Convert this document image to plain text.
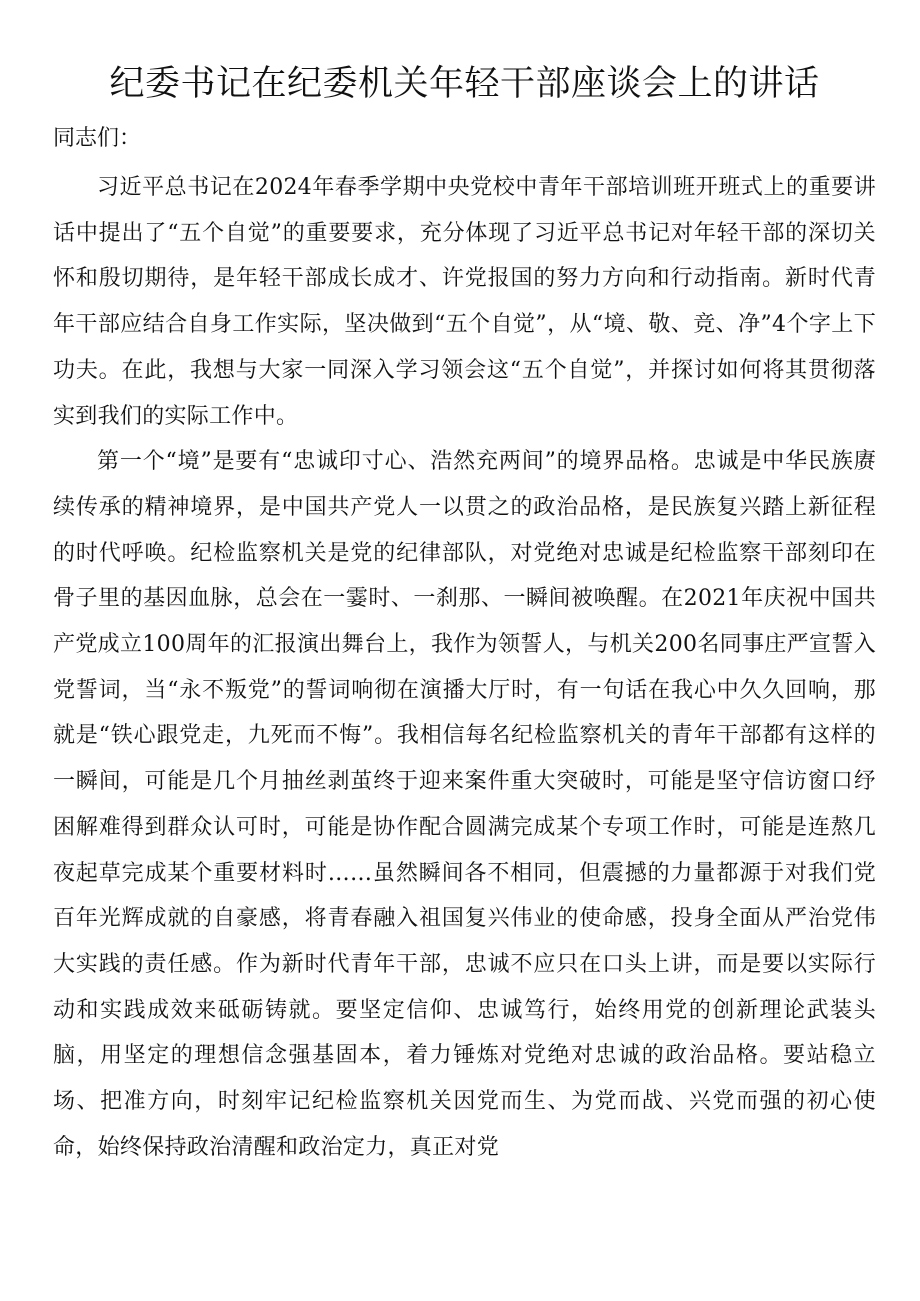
纪委书记在纪委机关年轻干部座谈会上的讲话
同志们：

习近平总书记在2024年春季学期中央党校中青年干部培训班开班式上的重要讲话中提出了“五个自觉”的重要要求，充分体现了习近平总书记对年轻干部的深切关怀和殷切期待，是年轻干部成长成才、许党报国的努力方向和行动指南。新时代青年干部应结合自身工作实际，坚决做到“五个自觉”，从“境、敬、竞、净”4个字上下功夫。在此，我想与大家一同深入学习领会这“五个自觉”，并探讨如何将其贯彻落实到我们的实际工作中。

第一个“境”是要有“忠诚印寸心、浩然充两间”的境界品格。忠诚是中华民族赓续传承的精神境界，是中国共产党人一以贯之的政治品格，是民族复兴踏上新征程的时代呼唤。纪检监察机关是党的纪律部队，对党绝对忠诚是纪检监察干部刻印在骨子里的基因血脉，总会在一霎时、一刹那、一瞬间被唤醒。在2021年庆祝中国共产党成立100周年的汇报演出舞台上，我作为领誓人，与机关200名同事庄严宣誓入党誓词，当“永不叛党”的誓词响彻在演播大厅时，有一句话在我心中久久回响，那就是“铁心跟党走，九死而不悔”。我相信每名纪检监察机关的青年干部都有这样的一瞬间，可能是几个月抽丝剥茧终于迎来案件重大突破时，可能是坚守信访窗口纾困解难得到群众认可时，可能是协作配合圆满完成某个专项工作时，可能是连熬几夜起草完成某个重要材料时……虽然瞬间各不相同，但震撼的力量都源于对我们党百年光辉成就的自豪感，将青春融入祖国复兴伟业的使命感，投身全面从严治党伟大实践的责任感。作为新时代青年干部，忠诚不应只在口头上讲，而是要以实际行动和实践成效来砥砺铸就。要坚定信仰、忠诚笃行，始终用党的创新理论武装头脑，用坚定的理想信念强基固本，着力锤炼对党绝对忠诚的政治品格。要站稳立场、把准方向，时刻牢记纪检监察机关因党而生、为党而战、兴党而强的初心使命，始终保持政治清醒和政治定力，真正对党
